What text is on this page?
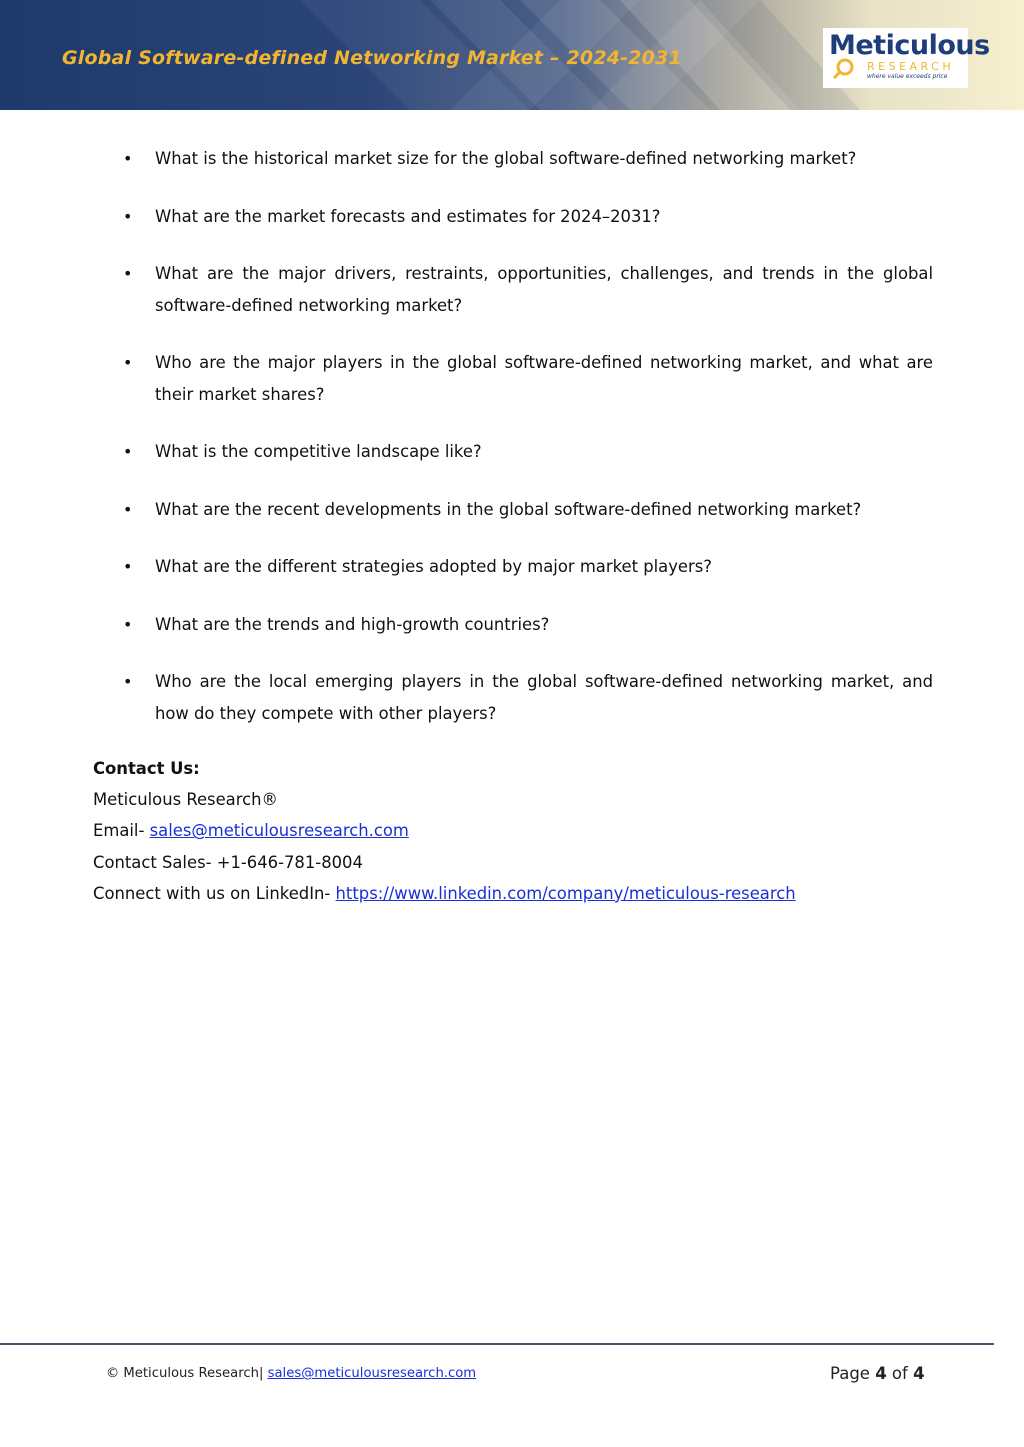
Global Software-defined Networking Market – 2024-2031	Meticulous
RESEARCH
where value exceeds price
• What is the historical market size for the global software-defined networking market?
• What are the market forecasts and estimates for 2024–2031?
• What are the major drivers, restraints, opportunities, challenges, and trends in the global software-defined networking market?
• Who are the major players in the global software-defined networking market, and what are their market shares?
• What is the competitive landscape like?
• What are the recent developments in the global software-defined networking market?
• What are the different strategies adopted by major market players?
• What are the trends and high-growth countries?
• Who are the local emerging players in the global software-defined networking market, and how do they compete with other players?
Contact Us:
Meticulous Research®
Email- sales@meticulousresearch.com
Contact Sales- +1-646-781-8004
Connect with us on LinkedIn- https://www.linkedin.com/company/meticulous-research
© Meticulous Research| sales@meticulousresearch.com	Page 4 of 4
